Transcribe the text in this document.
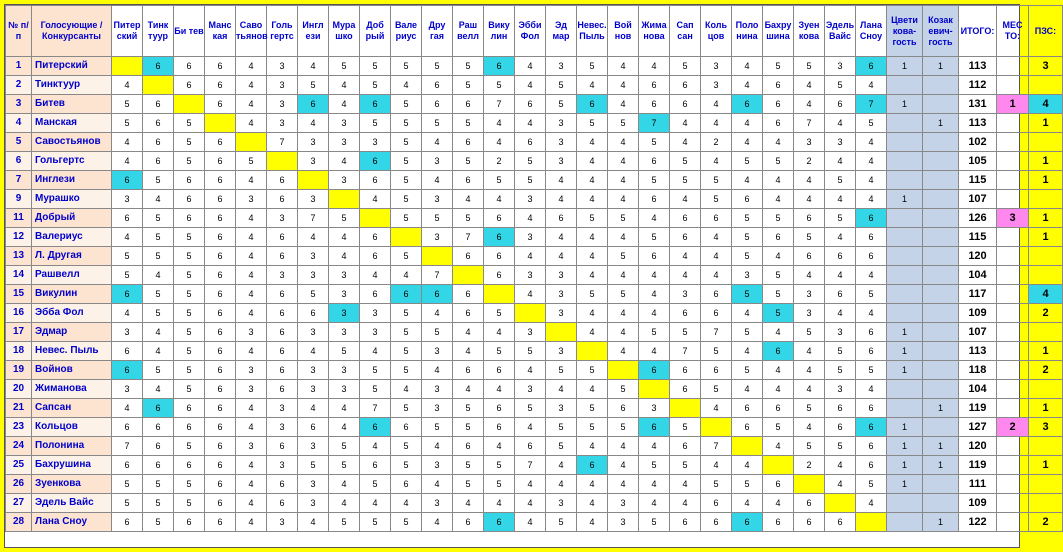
№ п/п	Голосующие / Конкурсанты	Питер ский	Тинк туур	Би тев	Манс кая	Саво тьянов	Голь гертс	Ингл ези	Мура шко	Доб рый	Вале риус	Дру гая	Раш велл	Вику лин	Эбби Фол	Эд мар	Невес. Пыль	Вой нов	Жима нова	Сап сан	Коль цов	Поло нина	Бахру шина	Зуен кова	Эдель Вайс	Лана Сноу	Цвети кова- гость	Козак евич- гость	ИТОГО:	МЕС ТО:	ПЗС:
1	Питерский		6	6	6	4	3	4	5	5	5	5	5	6	4	3	5	4	4	5	3	4	5	5	3	6	1	1	113		3
2	Тинктуур	4		6	6	4	3	5	4	5	4	6	5	5	4	5	4	4	6	6	3	4	6	4	5	4			112		
3	Битев	5	6		6	4	3	6	4	6	5	6	6	7	6	5	6	4	6	6	4	6	6	4	6	7	1		131	1	4
4	Манская	5	6	5		4	3	4	3	5	5	5	5	4	4	3	5	5	7	4	4	4	6	7	4	5		1	113		1
5	Савостьянов	4	6	5	6		7	3	3	3	5	4	6	4	6	3	4	4	5	4	2	4	4	3	3	4			102		
6	Гольгертс	4	6	5	6	5		3	4	6	5	3	5	2	5	3	4	4	6	5	4	5	5	2	4	4			105		1
7	Инглези	6	5	6	6	4	6		3	6	5	4	6	5	5	4	4	4	5	5	5	4	4	4	5	4			115		1
9	Мурашко	3	4	6	6	3	6	3		4	5	3	4	4	3	4	4	4	6	4	5	6	4	4	4	4	1		107		
11	Добрый	6	5	6	6	4	3	7	5		5	5	5	6	4	6	5	5	4	6	6	5	5	6	5	6			126	3	1
12	Валериус	4	5	5	6	4	6	4	4	6		3	7	6	3	4	4	4	5	6	4	5	6	5	4	6			115		1
13	Л. Другая	5	5	5	6	4	6	3	4	6	5		6	6	4	4	4	5	6	4	4	5	4	6	6	6			120		
14	Рашвелл	5	4	5	6	4	3	3	3	4	4	7		6	3	3	4	4	4	4	4	3	5	4	4	4			104		
15	Викулин	6	5	5	6	4	6	5	3	6	6	6	6		4	3	5	5	4	3	6	5	5	3	6	5			117		4
16	Эбба Фол	4	5	5	6	4	6	6	3	3	5	4	6	5		3	4	4	4	6	6	4	5	3	4	4			109		2
17	Эдмар	3	4	5	6	3	6	3	3	3	5	5	4	4	3		4	4	5	5	7	5	4	5	3	6	1		107		
18	Невес. Пыль	6	4	5	6	4	6	4	5	4	5	3	4	5	5	3		4	4	7	5	4	6	4	5	6	1		113		1
19	Войнов	6	5	5	6	3	6	3	3	5	5	4	6	6	4	5	5		6	6	6	5	4	4	5	5	1		118		2
20	Жиманова	3	4	5	6	3	6	3	3	5	4	3	4	4	3	4	4	5		6	5	4	4	4	3	4			104		
21	Сапсан	4	6	6	6	4	3	4	4	7	5	3	5	6	5	3	5	6	3		4	6	6	5	6	6		1	119		1
23	Кольцов	6	6	6	6	4	3	6	4	6	6	5	5	6	4	5	5	5	6	5		6	5	4	6	6	1		127	2	3
24	Полонина	7	6	5	6	3	6	3	5	4	5	4	6	4	6	5	4	4	4	6	7		4	5	5	6	1	1	120		
25	Бахрушина	6	6	6	6	4	3	5	5	6	5	3	5	5	7	4	6	4	5	5	4	4		2	4	6	1	1	119		1
26	Зуенкова	5	5	5	6	4	6	3	4	5	6	4	5	5	4	4	4	4	4	4	5	5	6		4	5	1		111		
27	Эдель Вайс	5	5	5	6	4	6	3	4	4	4	3	4	4	4	3	4	3	4	4	6	4	4	6		4			109		
28	Лана Сноу	6	5	6	6	4	3	4	5	5	5	4	6	6	4	5	4	3	5	6	6	6	6	6	6			1	122		2
